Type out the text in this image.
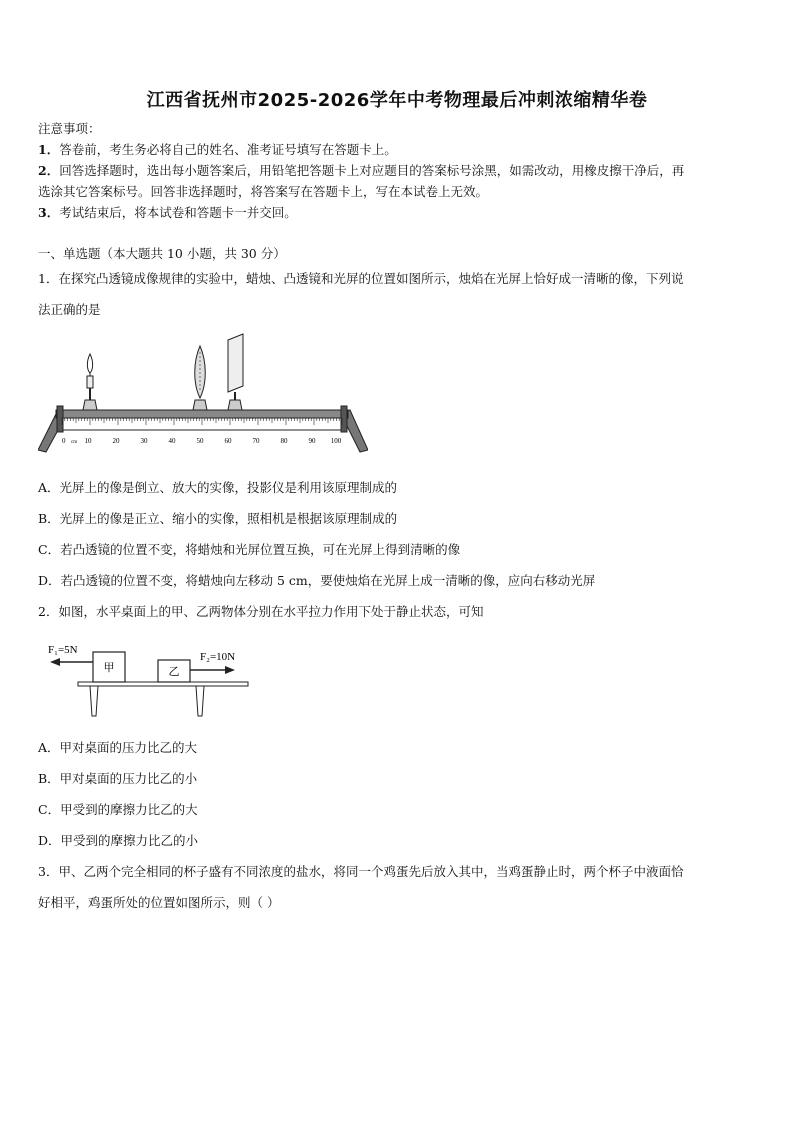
江西省抚州市2025-2026学年中考物理最后冲刺浓缩精华卷
注意事项：
1．答卷前，考生务必将自己的姓名、准考证号填写在答题卡上。
2．回答选择题时，选出每小题答案后，用铅笔把答题卡上对应题目的答案标号涂黑，如需改动，用橡皮擦干净后，再
选涂其它答案标号。回答非选择题时，将答案写在答题卡上，写在本试卷上无效。
3．考试结束后，将本试卷和答题卡一并交回。
一、单选题（本大题共 10 小题，共 30 分）
1．在探究凸透镜成像规律的实验中，蜡烛、凸透镜和光屏的位置如图所示，烛焰在光屏上恰好成一清晰的像，下列说
法正确的是
0 cm 10	20	30	40	50	60	70	80	90 100
A．光屏上的像是倒立、放大的实像，投影仪是利用该原理制成的
B．光屏上的像是正立、缩小的实像，照相机是根据该原理制成的
C．若凸透镜的位置不变，将蜡烛和光屏位置互换，可在光屏上得到清晰的像
D．若凸透镜的位置不变，将蜡烛向左移动 5 cm，要使烛焰在光屏上成一清晰的像，应向右移动光屏
2．如图，水平桌面上的甲、乙两物体分别在水平拉力作用下处于静止状态，可知
甲	乙
F₁=5N
F₂=10N
A．甲对桌面的压力比乙的大
B．甲对桌面的压力比乙的小
C．甲受到的摩擦力比乙的大
D．甲受到的摩擦力比乙的小
3．甲、乙两个完全相同的杯子盛有不同浓度的盐水，将同一个鸡蛋先后放入其中，当鸡蛋静止时，两个杯子中液面恰
好相平，鸡蛋所处的位置如图所示，则（ ）
